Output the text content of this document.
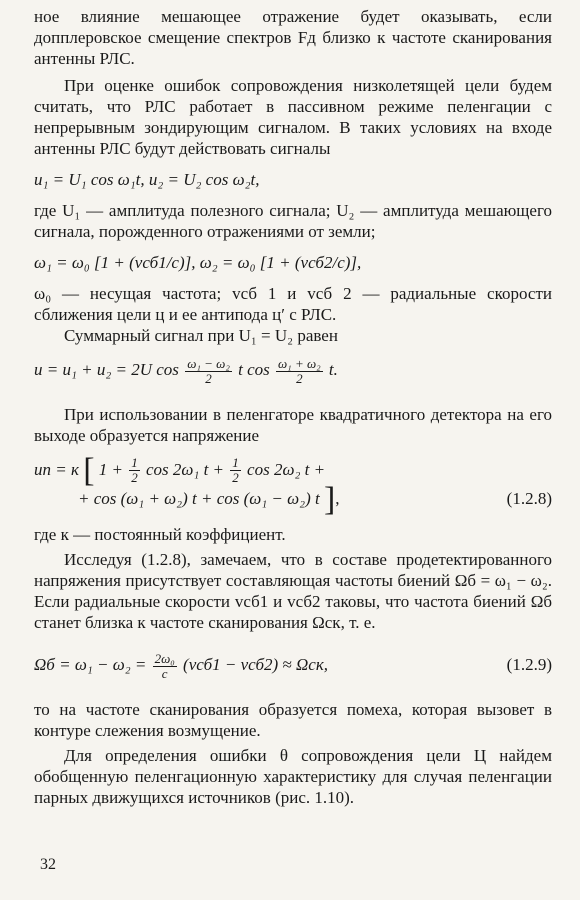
ное влияние мешающее отражение будет оказывать, если допплеровское смещение спектров Fд близко к частоте сканирования антенны РЛС.

При оценке ошибок сопровождения низколетящей цели будем считать, что РЛС работает в пассивном режиме пеленгации с непрерывным зондирующим сигналом. В таких условиях на входе антенны РЛС будут действовать сигналы

u₁ = U₁ cos ω₁t, u₂ = U₂ cos ω₂t,

где U₁ — амплитуда полезного сигнала; U₂ — амплитуда мешающего сигнала, порожденного отражениями от земли;

ω₁ = ω₀ [1 + (vсб1/c)], ω₂ = ω₀ [1 + (vсб2/c)],

ω₀ — несущая частота; vсб 1 и vсб 2 — радиальные скорости сближения цели ц и ее антипода ц′ с РЛС.

Суммарный сигнал при U₁ = U₂ равен

u = u₁ + u₂ = 2U $\cos \frac{\text{ω₁ − ω₂}}{2}$ t $\cos \frac{\text{ω₁ + ω₂}}{2} t$.

При использовании в пеленгаторе квадратичного детектора на его выходе образуется напряжение

uп = к [ $1 + \frac{1}{2}$ cos 2ω₁ $t + \frac{1}{2}$ cos 2ω₂ t +

+ cos (ω₁ + ω₂) t + cos (ω₁ − ω₂) t ],	(1.2.8)

где к — постоянный коэффициент.

Исследуя (1.2.8), замечаем, что в составе продетектированного напряжения присутствует составляющая частоты биений Ωб = ω₁ − ω₂. Если радиальные скорости vсб1 и vсб2 таковы, что частота биений Ωб станет близка к частоте сканирования Ωск, т. е.

$\Omega б = \omega_1 - \omega_2 = \frac{\text{2ω₀}}{c} (vсб1 - vсб2) \approx \Omega ск$,	(1.2.9)

то на частоте сканирования образуется помеха, которая вызовет в контуре слежения возмущение.

Для определения ошибки θ сопровождения цели Ц найдем обобщенную пеленгационную характеристику для случая пеленгации парных движущихся источников (рис. 1.10).

32
